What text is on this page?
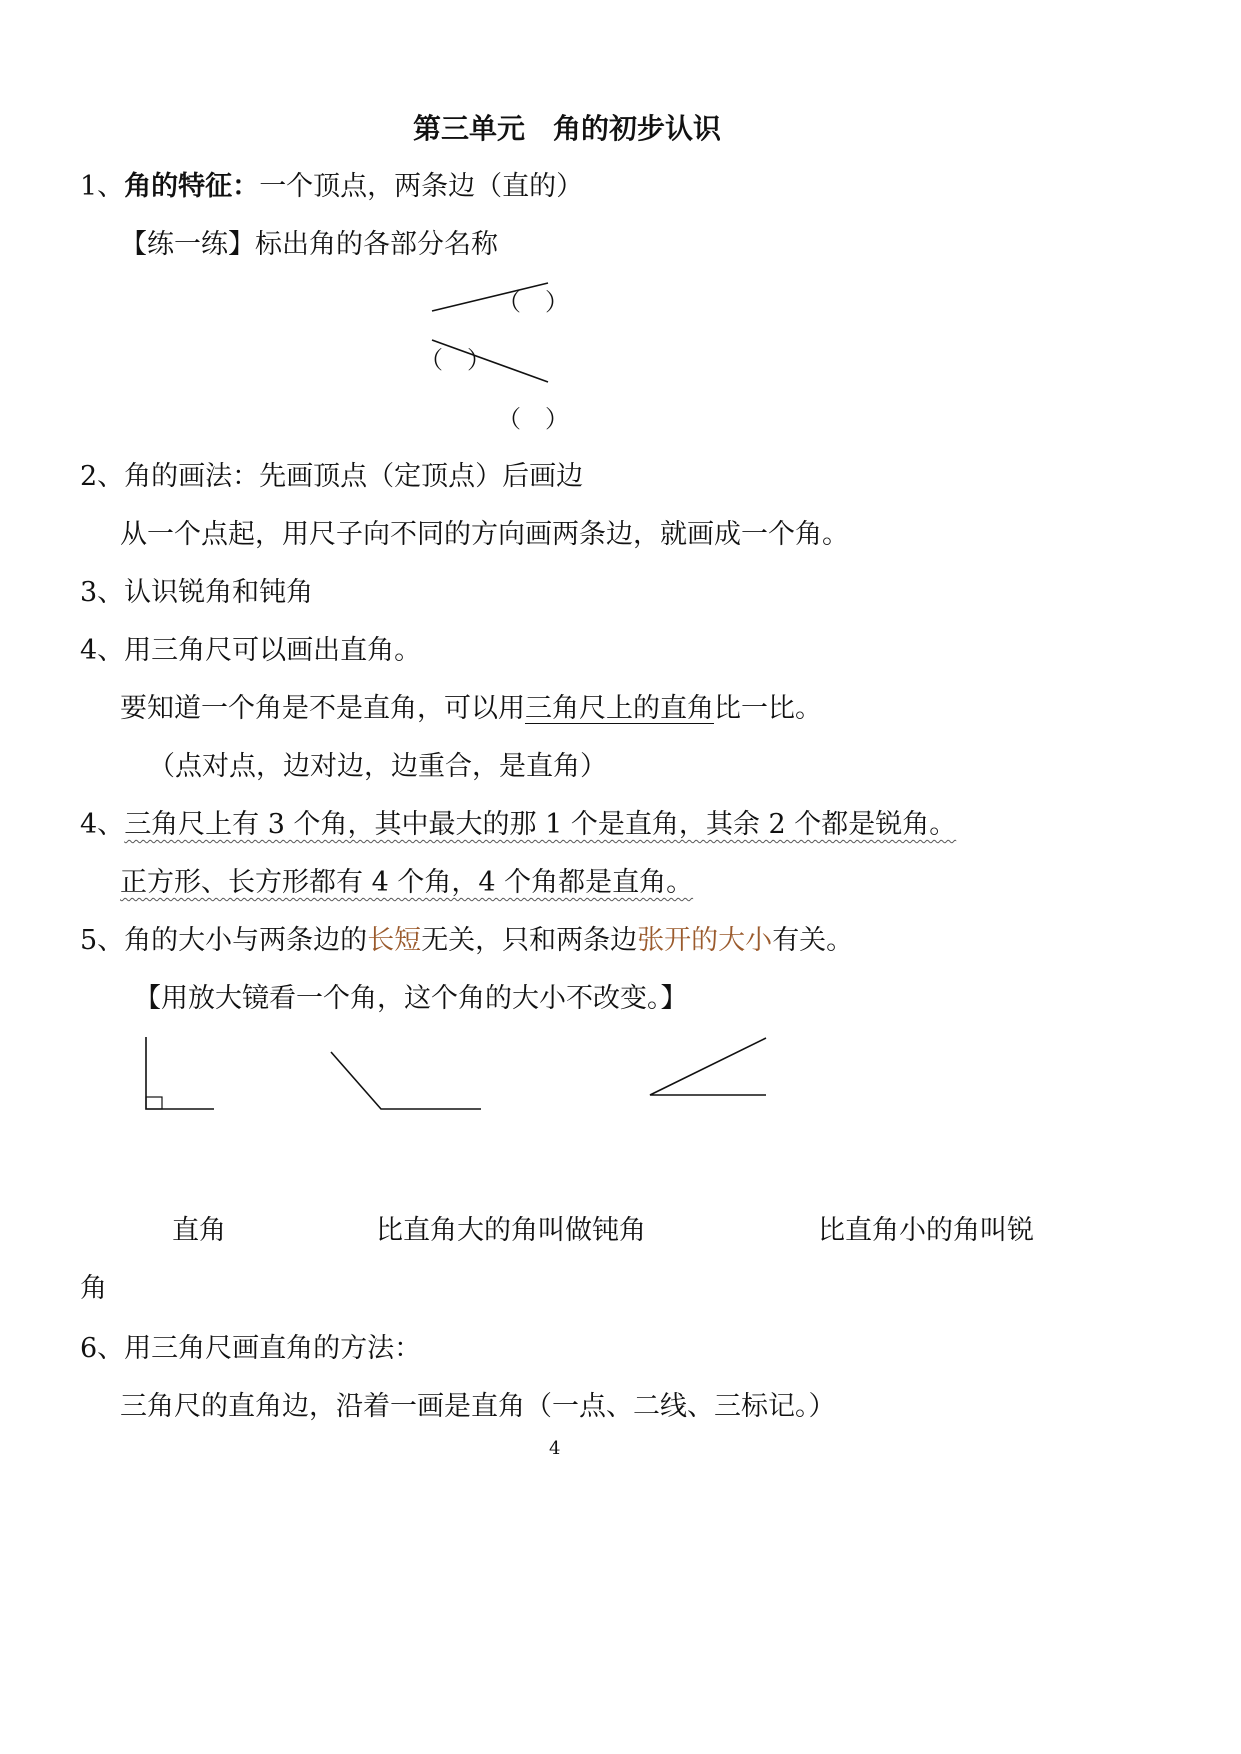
第三单元　角的初步认识
1、角的特征：一个顶点，两条边（直的）
【练一练】标出角的各部分名称
（　）
（　）
（　）
2、角的画法：先画顶点（定顶点）后画边
从一个点起，用尺子向不同的方向画两条边，就画成一个角。
3、认识锐角和钝角
4、用三角尺可以画出直角。
要知道一个角是不是直角，可以用三角尺上的直角比一比。
（点对点，边对边，边重合，是直角）
4、三角尺上有 3 个角，其中最大的那 1 个是直角，其余 2 个都是锐角。
正方形、长方形都有 4 个角，4 个角都是直角。
5、角的大小与两条边的长短无关，只和两条边张开的大小有关。
【用放大镜看一个角，这个角的大小不改变。】
直角	比直角大的角叫做钝角	比直角小的角叫锐
角
6、用三角尺画直角的方法：
三角尺的直角边，沿着一画是直角（一点、二线、三标记。）
4
